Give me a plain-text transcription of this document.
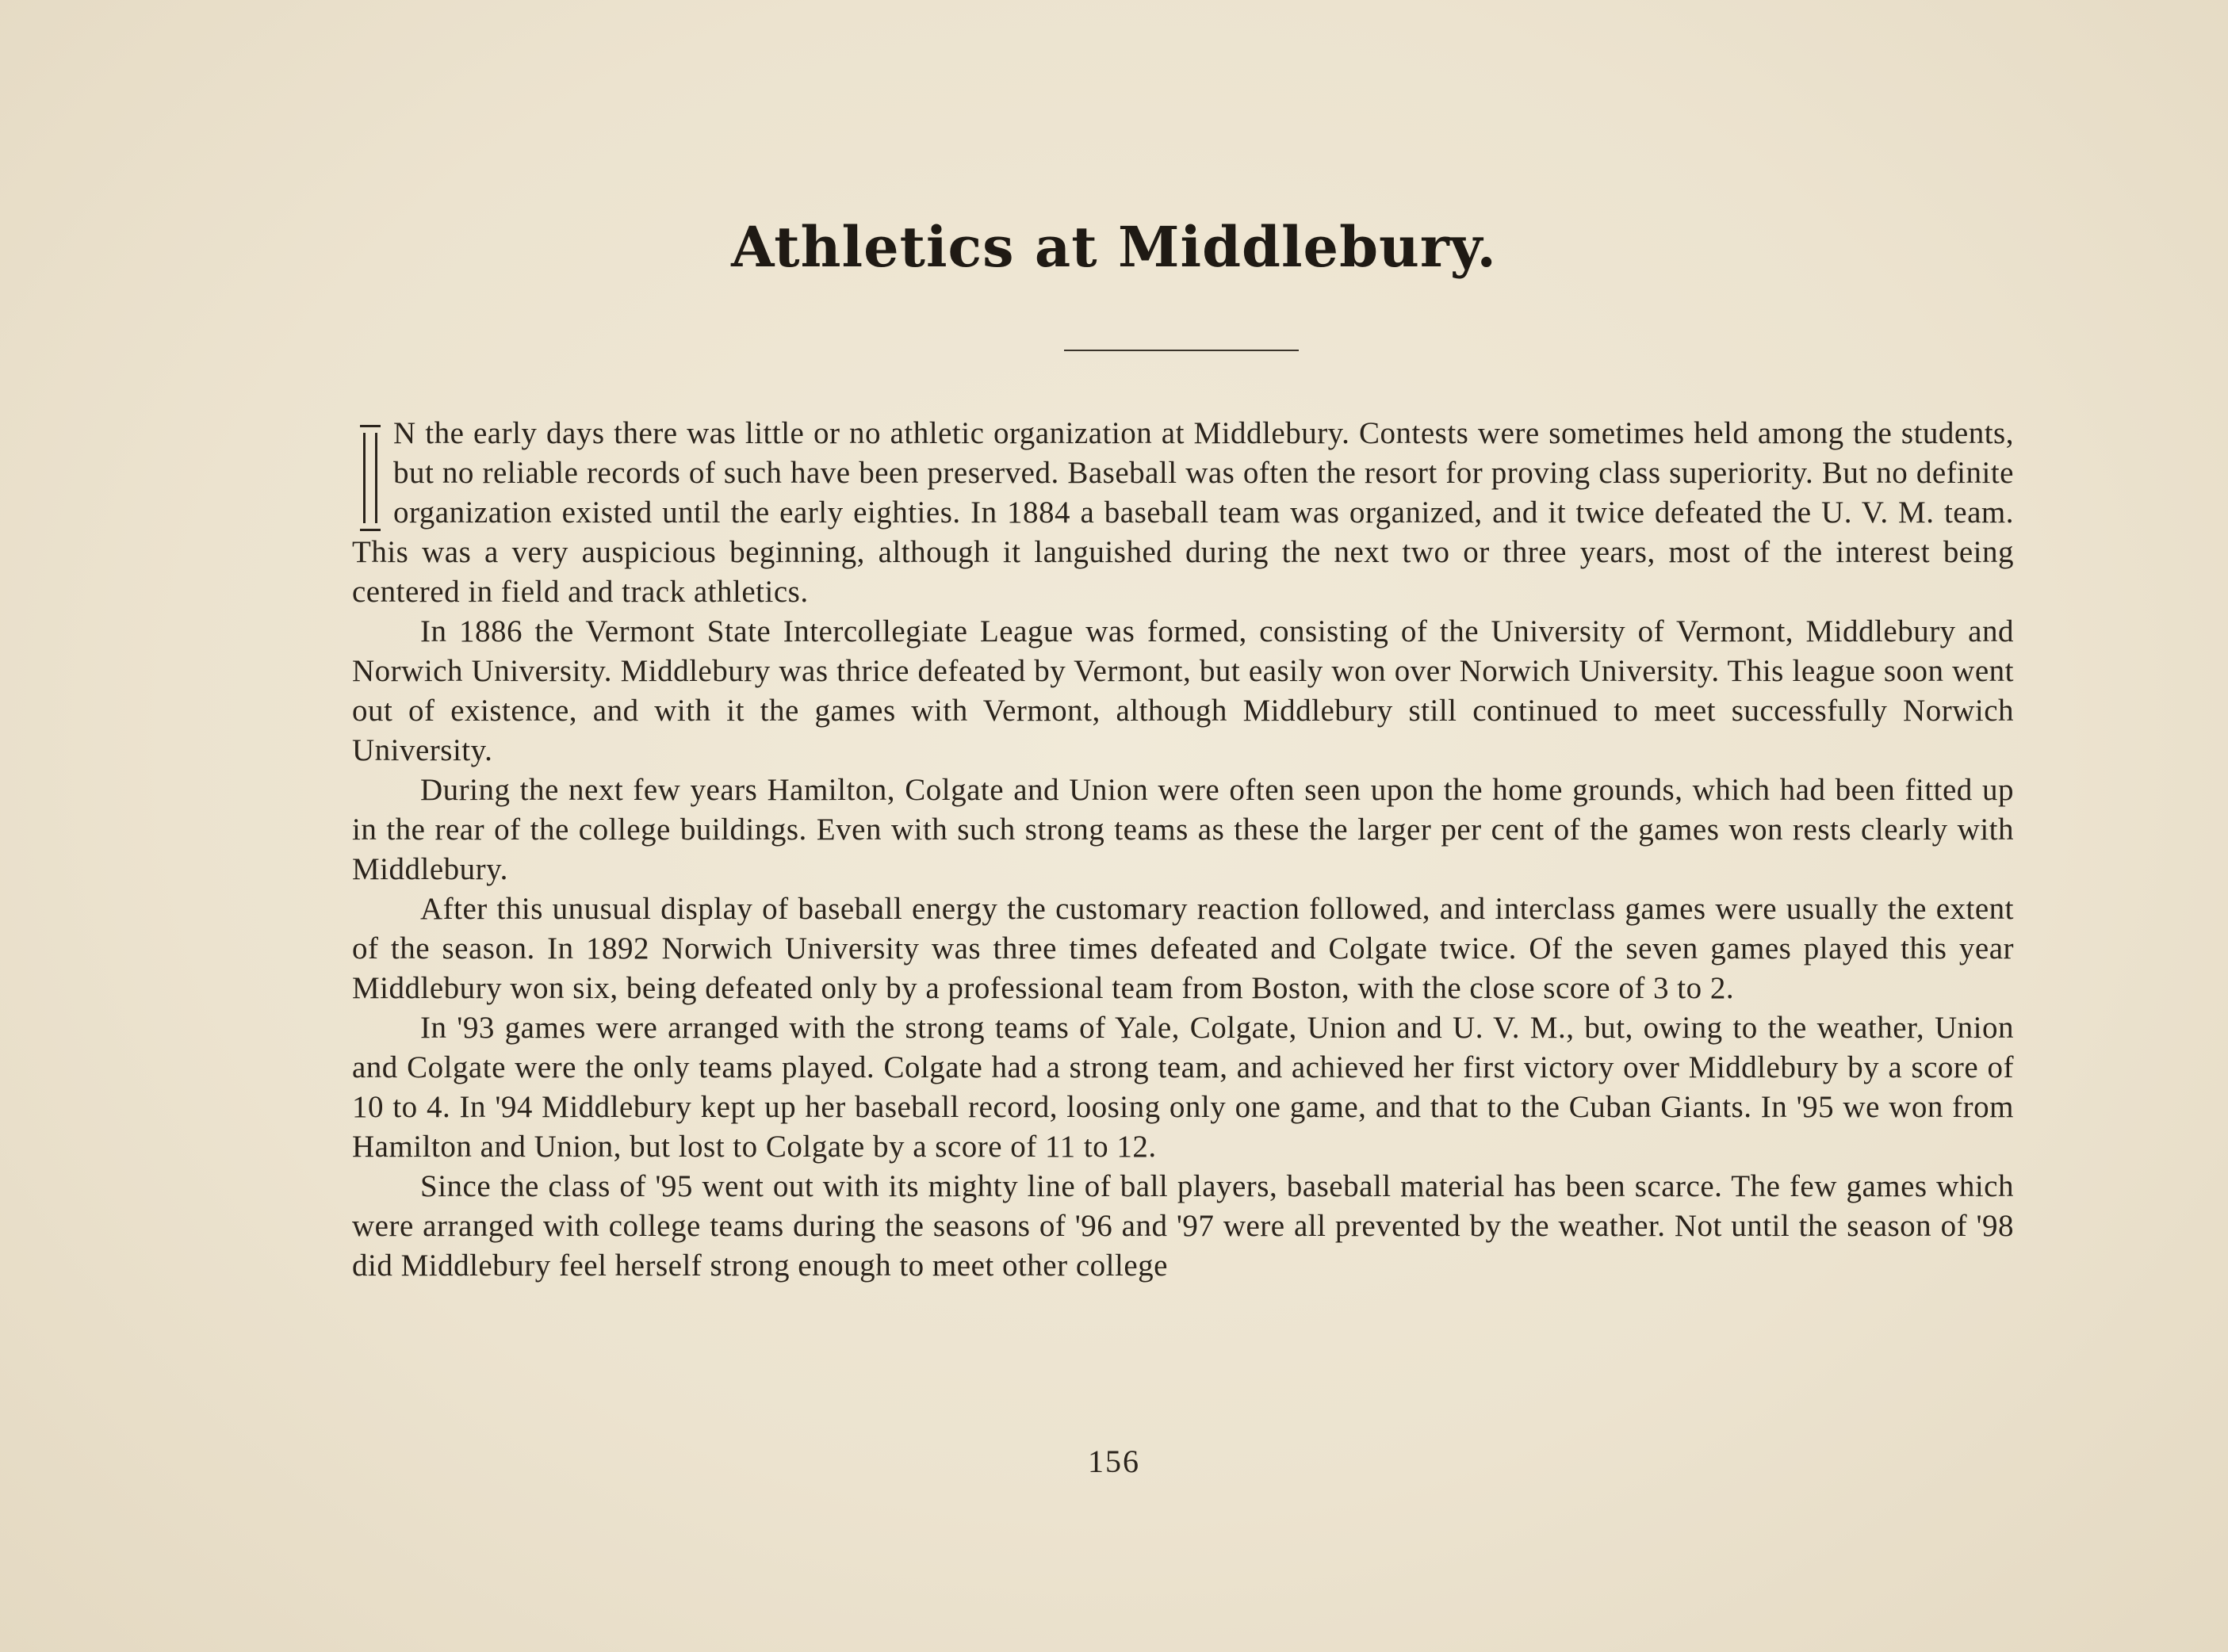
Athletics at Middlebury.

N the early days there was little or no athletic organization at Middlebury. Contests were sometimes held among the students, but no reliable records of such have been preserved. Baseball was often the resort for proving class superiority. But no definite organization existed until the early eighties. In 1884 a baseball team was organized, and it twice defeated the U. V. M. team. This was a very auspicious beginning, although it languished during the next two or three years, most of the interest being centered in field and track athletics.

In 1886 the Vermont State Intercollegiate League was formed, consisting of the University of Vermont, Middlebury and Norwich University. Middlebury was thrice defeated by Vermont, but easily won over Norwich University. This league soon went out of existence, and with it the games with Vermont, although Middlebury still continued to meet successfully Norwich University.

During the next few years Hamilton, Colgate and Union were often seen upon the home grounds, which had been fitted up in the rear of the college buildings. Even with such strong teams as these the larger per cent of the games won rests clearly with Middlebury.

After this unusual display of baseball energy the customary reaction followed, and interclass games were usually the extent of the season. In 1892 Norwich University was three times defeated and Colgate twice. Of the seven games played this year Middlebury won six, being defeated only by a professional team from Boston, with the close score of 3 to 2.

In '93 games were arranged with the strong teams of Yale, Colgate, Union and U. V. M., but, owing to the weather, Union and Colgate were the only teams played. Colgate had a strong team, and achieved her first victory over Middlebury by a score of 10 to 4. In '94 Middlebury kept up her baseball record, loosing only one game, and that to the Cuban Giants. In '95 we won from Hamilton and Union, but lost to Colgate by a score of 11 to 12.

Since the class of '95 went out with its mighty line of ball players, baseball material has been scarce. The few games which were arranged with college teams during the seasons of '96 and '97 were all prevented by the weather. Not until the season of '98 did Middlebury feel herself strong enough to meet other college

156
